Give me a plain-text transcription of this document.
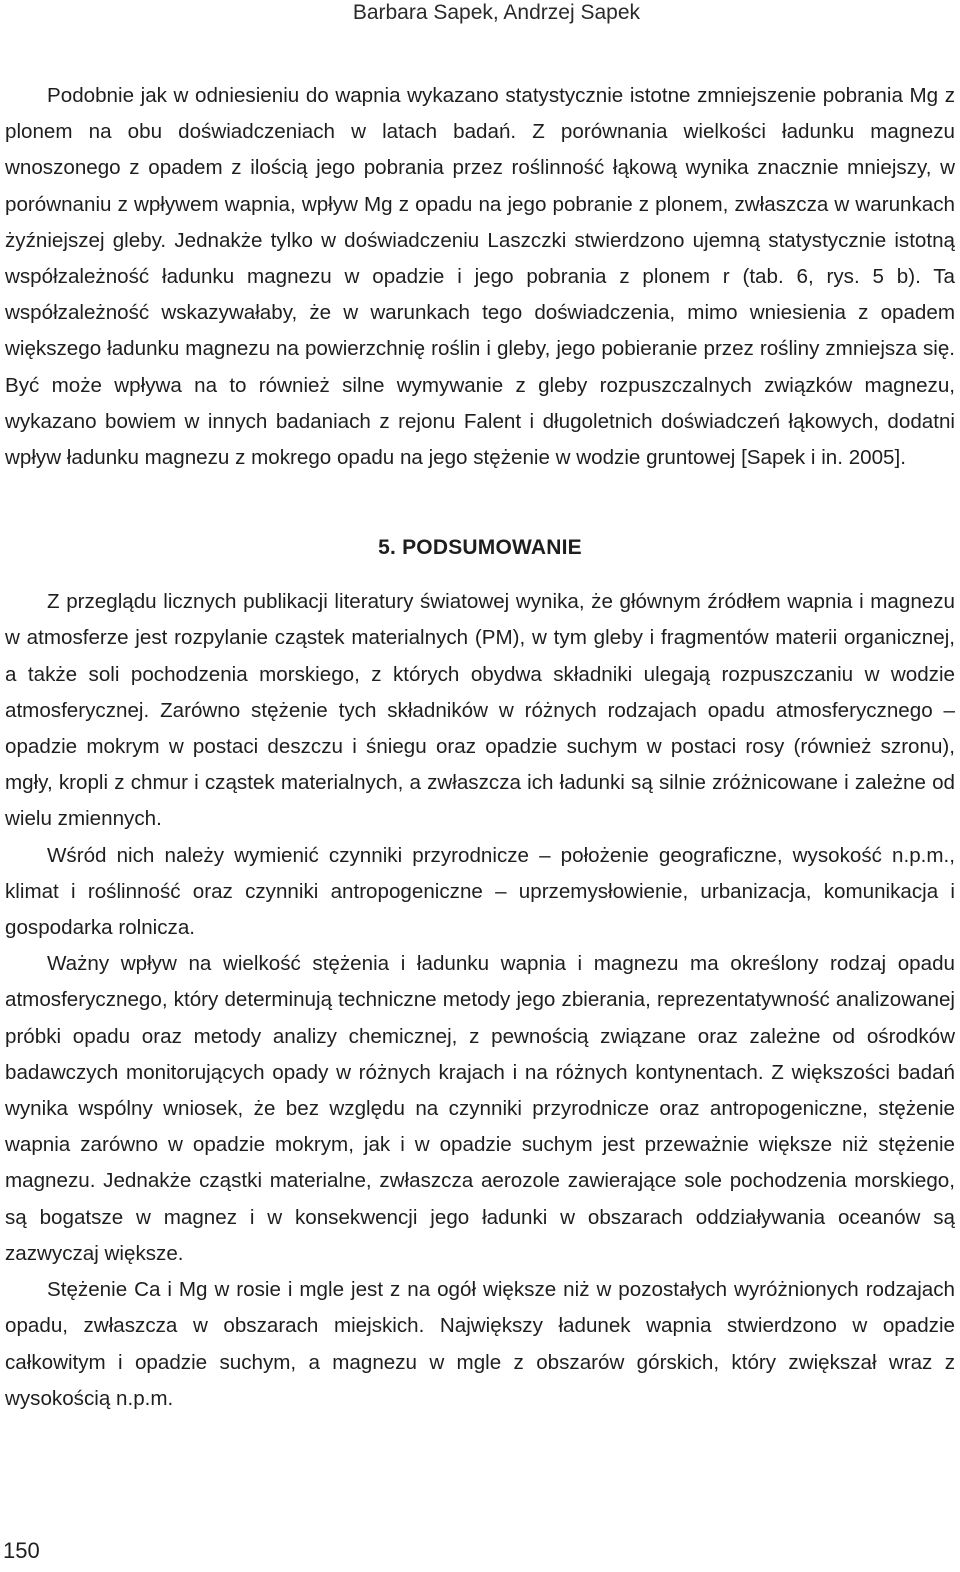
Barbara Sapek, Andrzej Sapek

Podobnie jak w odniesieniu do wapnia wykazano statystycznie istotne zmniejszenie pobrania Mg z plonem na obu doświadczeniach w latach badań. Z porównania wielkości ładunku magnezu wnoszonego z opadem z ilością jego pobrania przez roślinność łąkową wynika znacznie mniejszy, w porównaniu z wpływem wapnia, wpływ Mg z opadu na jego pobranie z plonem, zwłaszcza w warunkach żyźniejszej gleby. Jednakże tylko w doświadczeniu Laszczki stwierdzono ujemną statystycznie istotną współzależność ładunku magnezu w opadzie i jego pobrania z plonem r (tab. 6, rys. 5 b). Ta współzależność wskazywałaby, że w warunkach tego doświadczenia, mimo wniesienia z opadem większego ładunku magnezu na powierzchnię roślin i gleby, jego pobieranie przez rośliny zmniejsza się. Być może wpływa na to również silne wymywanie z gleby rozpuszczalnych związków magnezu, wykazano bowiem w innych badaniach z rejonu Falent i długoletnich doświadczeń łąkowych, dodatni wpływ ładunku magnezu z mokrego opadu na jego stężenie w wodzie gruntowej [Sapek i in. 2005].

5. PODSUMOWANIE

Z przeglądu licznych publikacji literatury światowej wynika, że głównym źródłem wapnia i magnezu w atmosferze jest rozpylanie cząstek materialnych (PM), w tym gleby i fragmentów materii organicznej, a także soli pochodzenia morskiego, z których obydwa składniki ulegają rozpuszczaniu w wodzie atmosferycznej. Zarówno stężenie tych składników w różnych rodzajach opadu atmosferycznego – opadzie mokrym w postaci deszczu i śniegu oraz opadzie suchym w postaci rosy (również szronu), mgły, kropli z chmur i cząstek materialnych, a zwłaszcza ich ładunki są silnie zróżnicowane i zależne od wielu zmiennych.

Wśród nich należy wymienić czynniki przyrodnicze – położenie geograficzne, wysokość n.p.m., klimat i roślinność oraz czynniki antropogeniczne – uprzemysłowienie, urbanizacja, komunikacja i gospodarka rolnicza.

Ważny wpływ na wielkość stężenia i ładunku wapnia i magnezu ma określony rodzaj opadu atmosferycznego, który determinują techniczne metody jego zbierania, reprezentatywność analizowanej próbki opadu oraz metody analizy chemicznej, z pewnością związane oraz zależne od ośrodków badawczych monitorujących opady w różnych krajach i na różnych kontynentach. Z większości badań wynika wspólny wniosek, że bez względu na czynniki przyrodnicze oraz antropogeniczne, stężenie wapnia zarówno w opadzie mokrym, jak i w opadzie suchym jest przeważnie większe niż stężenie magnezu. Jednakże cząstki materialne, zwłaszcza aerozole zawierające sole pochodzenia morskiego, są bogatsze w magnez i w konsekwencji jego ładunki w obszarach oddziaływania oceanów są zazwyczaj większe.

Stężenie Ca i Mg w rosie i mgle jest z na ogół większe niż w pozostałych wyróżnionych rodzajach opadu, zwłaszcza w obszarach miejskich. Największy ładunek wapnia stwierdzono w opadzie całkowitym i opadzie suchym, a magnezu w mgle z obszarów górskich, który zwiększał wraz z wysokością n.p.m.

150
